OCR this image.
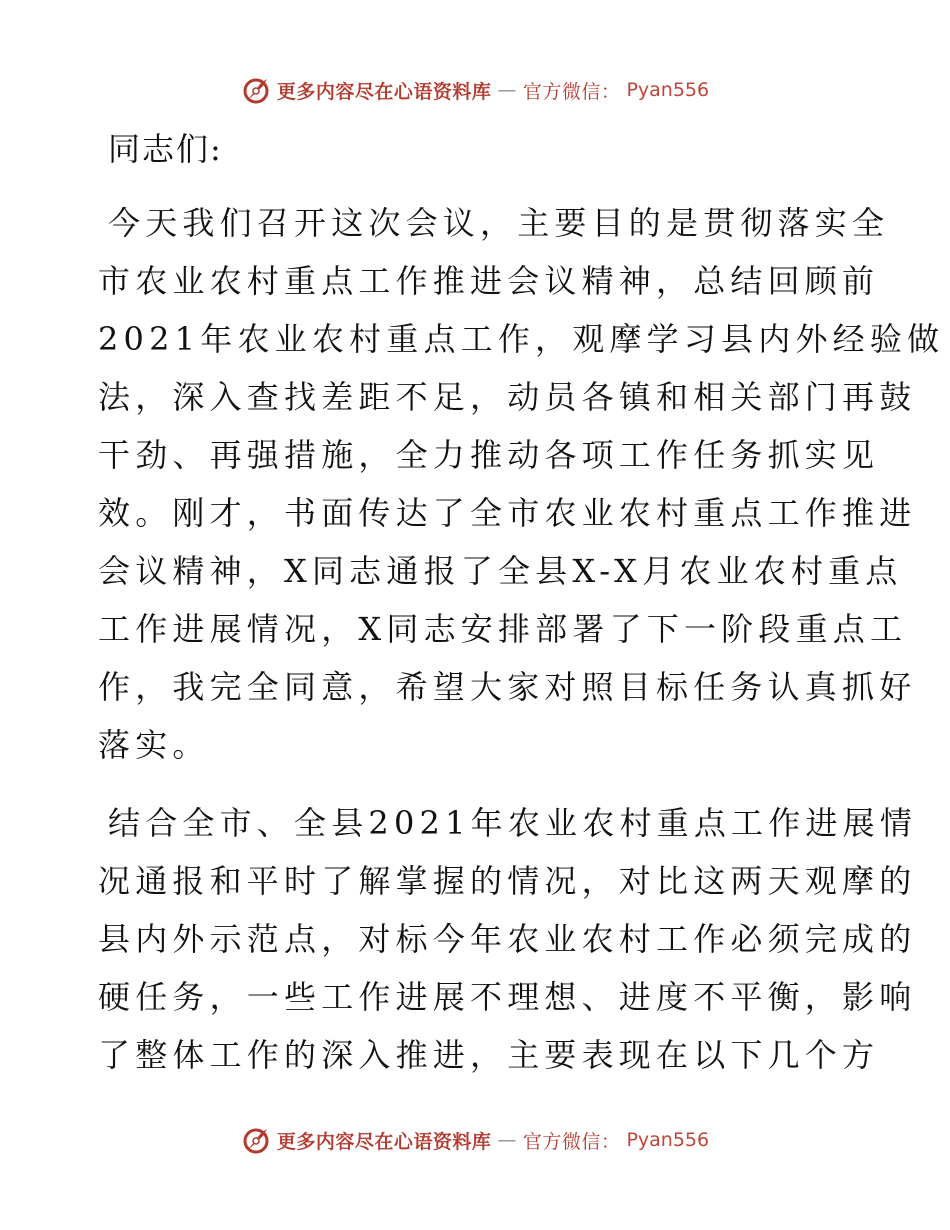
更多内容尽在心语资料库 — 官方微信： Pyan556
同志们:
今天我们召开这次会议，主要目的是贯彻落实全
市农业农村重点工作推进会议精神，总结回顾前
2021年农业农村重点工作，观摩学习县内外经验做
法，深入查找差距不足，动员各镇和相关部门再鼓
干劲、再强措施，全力推动各项工作任务抓实见
效。刚才，书面传达了全市农业农村重点工作推进
会议精神，X同志通报了全县X-X月农业农村重点
工作进展情况，X同志安排部署了下一阶段重点工
作，我完全同意，希望大家对照目标任务认真抓好
落实。
结合全市、全县2021年农业农村重点工作进展情
况通报和平时了解掌握的情况，对比这两天观摩的
县内外示范点，对标今年农业农村工作必须完成的
硬任务，一些工作进展不理想、进度不平衡，影响
了整体工作的深入推进，主要表现在以下几个方
更多内容尽在心语资料库 — 官方微信： Pyan556
